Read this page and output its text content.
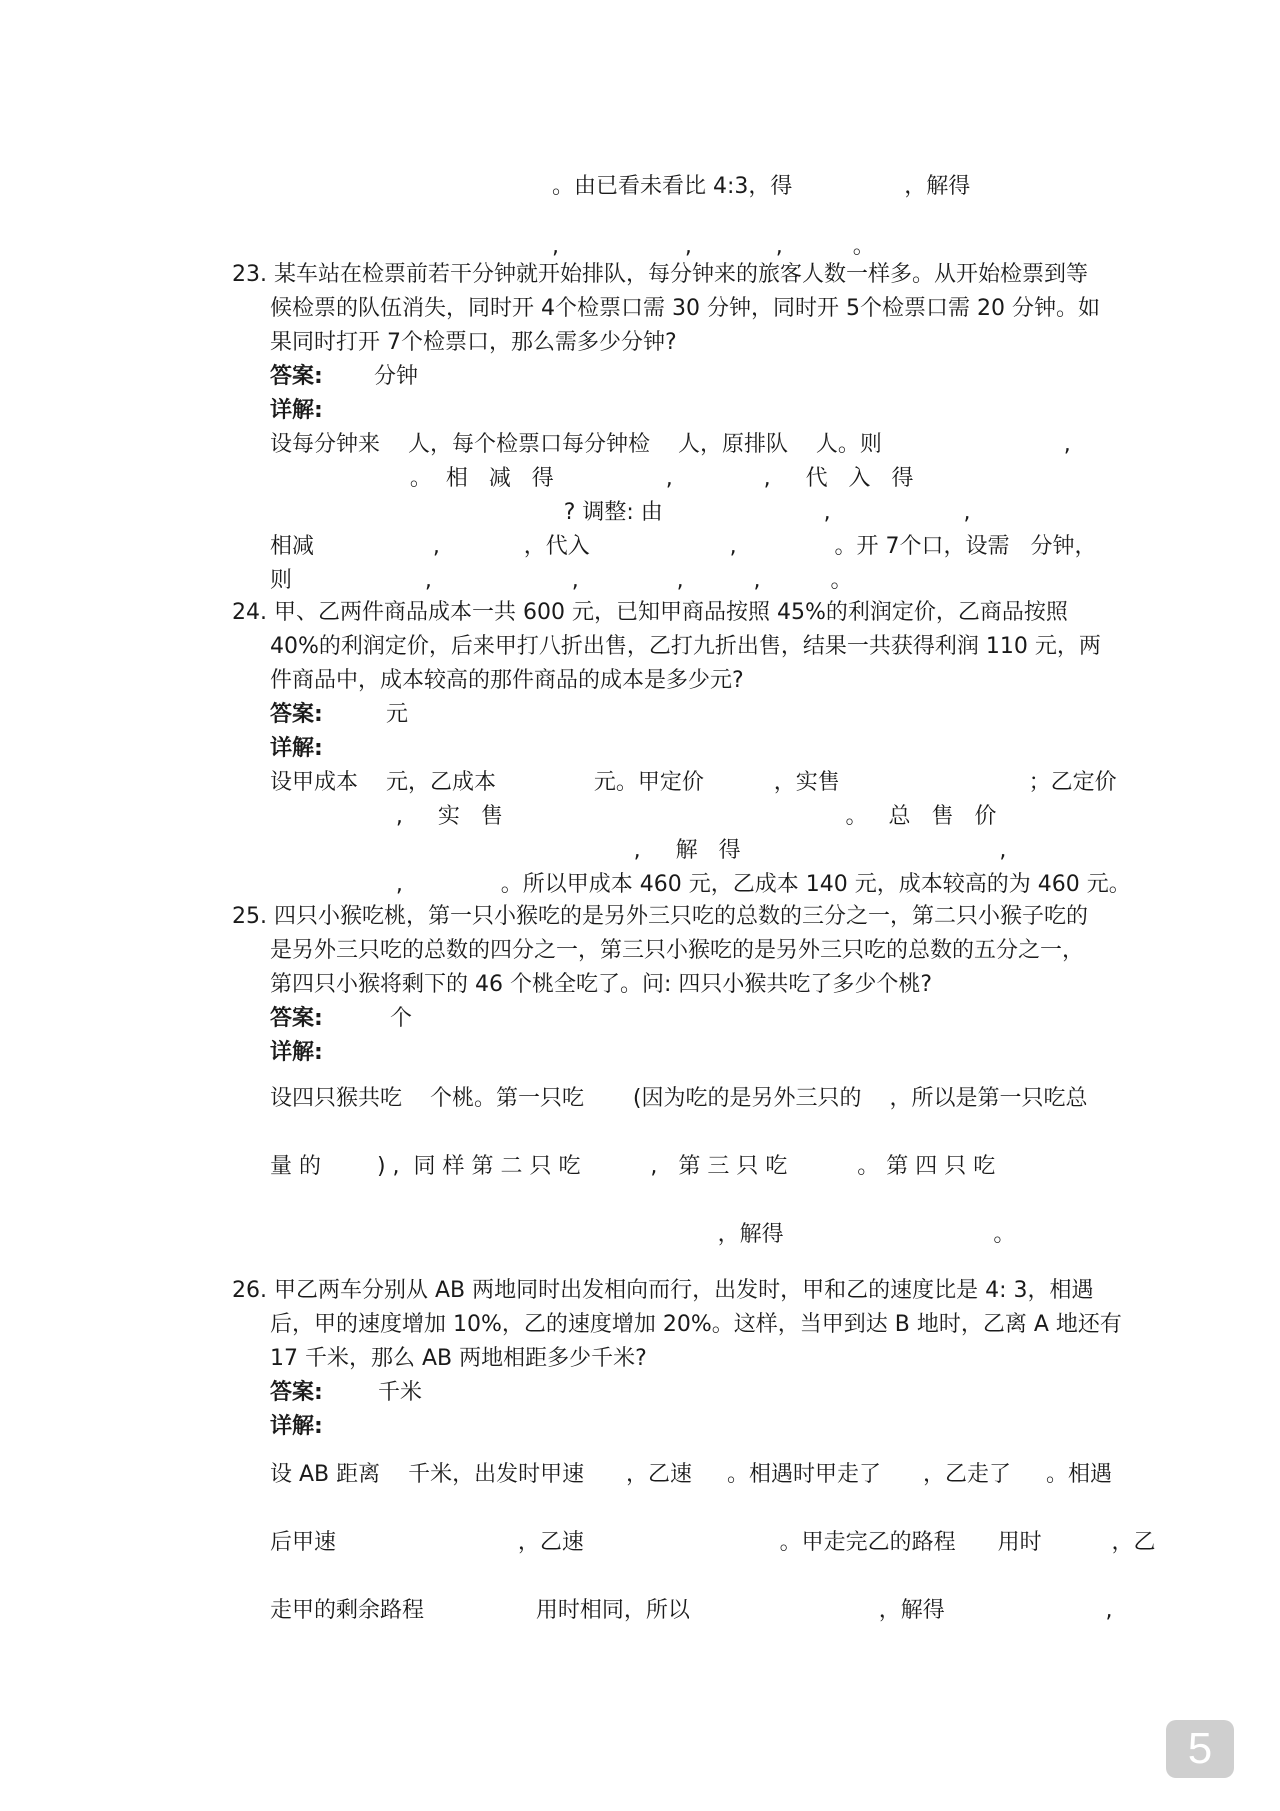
。由已看未看比 4:3，得                ，解得
,                  ,            ,          。
23. 某车站在检票前若干分钟就开始排队，每分钟来的旅客人数一样多。从开始检票到等
候检票的队伍消失，同时开 4个检票口需 30 分钟，同时开 5个检票口需 20 分钟。如
果同时打开 7个检票口，那么需多少分钟?
答案: 分钟
详解:
设每分钟来    人，每个检票口每分钟检    人，原排队    人。则                          ,
。  相   减   得                ,             ,     代   入   得
? 调整: 由                       ,                   ,
相减                 ,            ，代入                    ,              。开 7个口，设需   分钟，
则                   ,                    ,              ,          ,          。
24. 甲、乙两件商品成本一共 600 元，已知甲商品按照 45%的利润定价，乙商品按照
40%的利润定价，后来甲打八折出售，乙打九折出售，结果一共获得利润 110 元，两
件商品中，成本较高的那件商品的成本是多少元?
答案:	元
详解:
设甲成本    元，乙成本              元。甲定价          ，实售                           ；乙定价
,     实   售                                                 。   总   售   价
,     解   得                                     ,
,              。所以甲成本 460 元，乙成本 140 元，成本较高的为 460 元。
25. 四只小猴吃桃，第一只小猴吃的是另外三只吃的总数的三分之一，第二只小猴子吃的
是另外三只吃的总数的四分之一，第三只小猴吃的是另外三只吃的总数的五分之一，
第四只小猴将剩下的 46 个桃全吃了。问: 四只小猴共吃了多少个桃?
答案:	个
详解:
设四只猴共吃    个桃。第一只吃       (因为吃的是另外三只的    ，所以是第一只吃总
量 的        ) ,  同 样 第 二 只 吃          ,   第 三 只 吃          。 第 四 只 吃
，解得                              。
26. 甲乙两车分别从 AB 两地同时出发相向而行，出发时，甲和乙的速度比是 4: 3，相遇
后，甲的速度增加 10%，乙的速度增加 20%。这样，当甲到达 B 地时，乙离 A 地还有
17 千米，那么 AB 两地相距多少千米?
答案:	千米
详解:
设 AB 距离    千米，出发时甲速      ，乙速     。相遇时甲走了      ，乙走了     。相遇
后甲速                          ，乙速                            。甲走完乙的路程      用时          ，乙
走甲的剩余路程                用时相同，所以                           ，解得                       ,
5
